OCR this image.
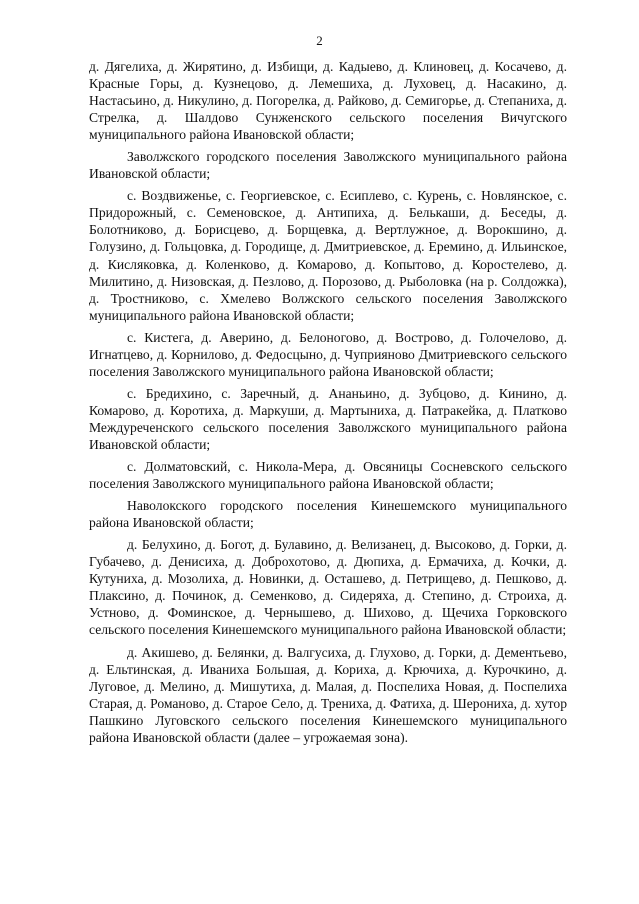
2

д. Дягелиха, д. Жирятино, д. Избищи, д. Кадыево, д. Клиновец, д. Косачево, д. Красные Горы, д. Кузнецово, д. Лемешиха, д. Луховец, д. Насакино, д. Настасьино, д. Никулино, д. Погорелка, д. Райково, д. Семигорье, д. Степаниха, д. Стрелка, д. Шалдово Сунженского сельского поселения Вичугского муниципального района Ивановской области;

Заволжского городского поселения Заволжского муниципального района Ивановской области;

с. Воздвиженье, с. Георгиевское, с. Есиплево, с. Курень, с. Новлянское, с. Придорожный, с. Семеновское, д. Антипиха, д. Белькаши, д. Беседы, д. Болотниково, д. Борисцево, д. Борщевка, д. Вертлужное, д. Ворокшино, д. Голузино, д. Гольцовка, д. Городище, д. Дмитриевское, д. Еремино, д. Ильинское, д. Кисляковка, д. Коленково, д. Комарово, д. Копытово, д. Коростелево, д. Милитино, д. Низовская, д. Пезлово, д. Порозово, д. Рыболовка (на р. Солдожка), д. Тростниково, с. Хмелево Волжского сельского поселения Заволжского муниципального района Ивановской области;

с. Кистега, д. Аверино, д. Белоногово, д. Вострово, д. Голочелово, д. Игнатцево, д. Корнилово, д. Федосцыно, д. Чуприяново Дмитриевского сельского поселения Заволжского муниципального района Ивановской области;

с. Бредихино, с. Заречный, д. Ананьино, д. Зубцово, д. Кинино, д. Комарово, д. Коротиха, д. Маркуши, д. Мартыниха, д. Патракейка, д. Платково Междуреченского сельского поселения Заволжского муниципального района Ивановской области;

с. Долматовский, с. Никола-Мера, д. Овсяницы Сосневского сельского поселения Заволжского муниципального района Ивановской области;

Наволокского городского поселения Кинешемского муниципального района Ивановской области;

д. Белухино, д. Богот, д. Булавино, д. Велизанец, д. Высоково, д. Горки, д. Губачево, д. Денисиха, д. Доброхотово, д. Дюпиха, д. Ермачиха, д. Кочки, д. Кутуниха, д. Мозолиха, д. Новинки, д. Осташево, д. Петрищево, д. Пешково, д. Плаксино, д. Починок, д. Семенково, д. Сидеряха, д. Степино, д. Строиха, д. Устново, д. Фоминское, д. Чернышево, д. Шихово, д. Щечиха Горковского сельского поселения Кинешемского муниципального района Ивановской области;

д. Акишево, д. Белянки, д. Валгусиха, д. Глухово, д. Горки, д. Дементьево, д. Ельтинская, д. Иваниха Большая, д. Кориха, д. Крючиха, д. Курочкино, д. Луговое, д. Мелино, д. Мишутиха, д. Малая, д. Поспелиха Новая, д. Поспелиха Старая, д. Романово, д. Старое Село, д. Трениха, д. Фатиха, д. Шерониха, д. хутор Пашкино Луговского сельского поселения Кинешемского муниципального района Ивановской области (далее – угрожаемая зона).
